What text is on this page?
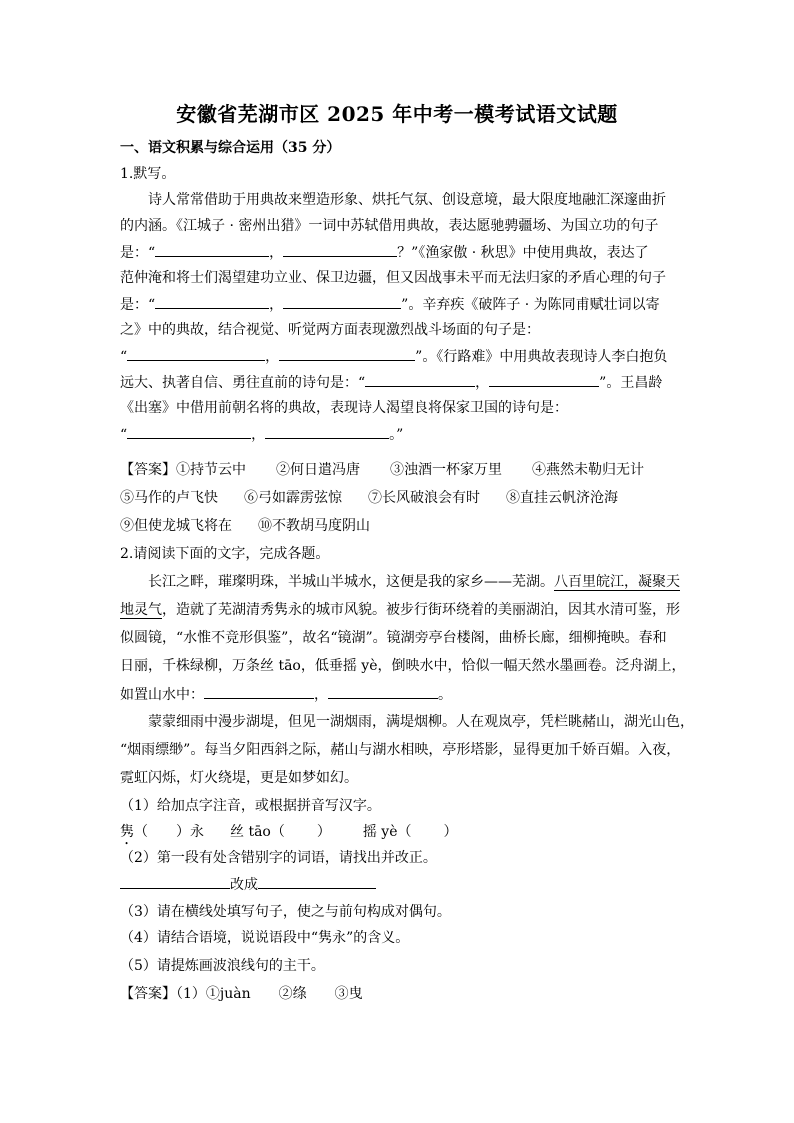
安徽省芜湖市区 2025 年中考一模考试语文试题
一、语文积累与综合运用（35 分）
1.默写。
诗人常常借助于用典故来塑造形象、烘托气氛、创设意境，最大限度地融汇深邃曲折
的内涵。《江城子 · 密州出猎》一词中苏轼借用典故，表达愿驰骋疆场、为国立功的句子
是：“	，	？”《渔家傲 · 秋思》中使用典故，表达了
范仲淹和将士们渴望建功立业、保卫边疆，但又因战事未平而无法归家的矛盾心理的句子
是：“	，	”。辛弃疾《破阵子 · 为陈同甫赋壮词以寄
之》中的典故，结合视觉、听觉两方面表现激烈战斗场面的句子是：
“	，	”。《行路难》中用典故表现诗人李白抱负
远大、执著自信、勇往直前的诗句是：“	，	”。王昌龄
《出塞》中借用前朝名将的典故，表现诗人渴望良将保家卫国的诗句是：
“	，	。”
【答案】①持节云中 ②何日遣冯唐 ③浊酒一杯家万里 ④燕然未勒归无计
⑤马作的卢飞快 ⑥弓如霹雳弦惊 ⑦长风破浪会有时 ⑧直挂云帆济沧海
⑨但使龙城飞将在 ⑩不教胡马度阴山
2.请阅读下面的文字，完成各题。
长江之畔，璀璨明珠，半城山半城水，这便是我的家乡——芜湖。八百里皖江，凝聚天
地灵气，造就了芜湖清秀隽永的城市风貌。被步行街环绕着的美丽湖泊，因其水清可鉴，形
似圆镜，“水惟不竞形俱鉴”，故名“镜湖”。镜湖旁亭台楼阁，曲桥长廊，细柳掩映。春和
日丽，千株绿柳，万条丝 tāo，低垂摇 yè，倒映水中，恰似一幅天然水墨画卷。泛舟湖上，
如置山水中：	，	。
蒙蒙细雨中漫步湖堤，但见一湖烟雨，满堤烟柳。人在观岚亭，凭栏眺赭山，湖光山色，
“烟雨缥缈”。每当夕阳西斜之际，赭山与湖水相映，亭形塔影，显得更加千娇百媚。入夜，
霓虹闪烁，灯火绕堤，更是如梦如幻。
（1）给加点字注音，或根据拼音写汉字。
隽（ ）永 丝 tāo（ ） 摇 yè（ ）
（2）第一段有处含错别字的词语，请找出并改正。
改成
（3）请在横线处填写句子，使之与前句构成对偶句。
（4）请结合语境，说说语段中“隽永”的含义。
（5）请提炼画波浪线句的主干。
【答案】（1）①juàn　　②绦　　③曳
